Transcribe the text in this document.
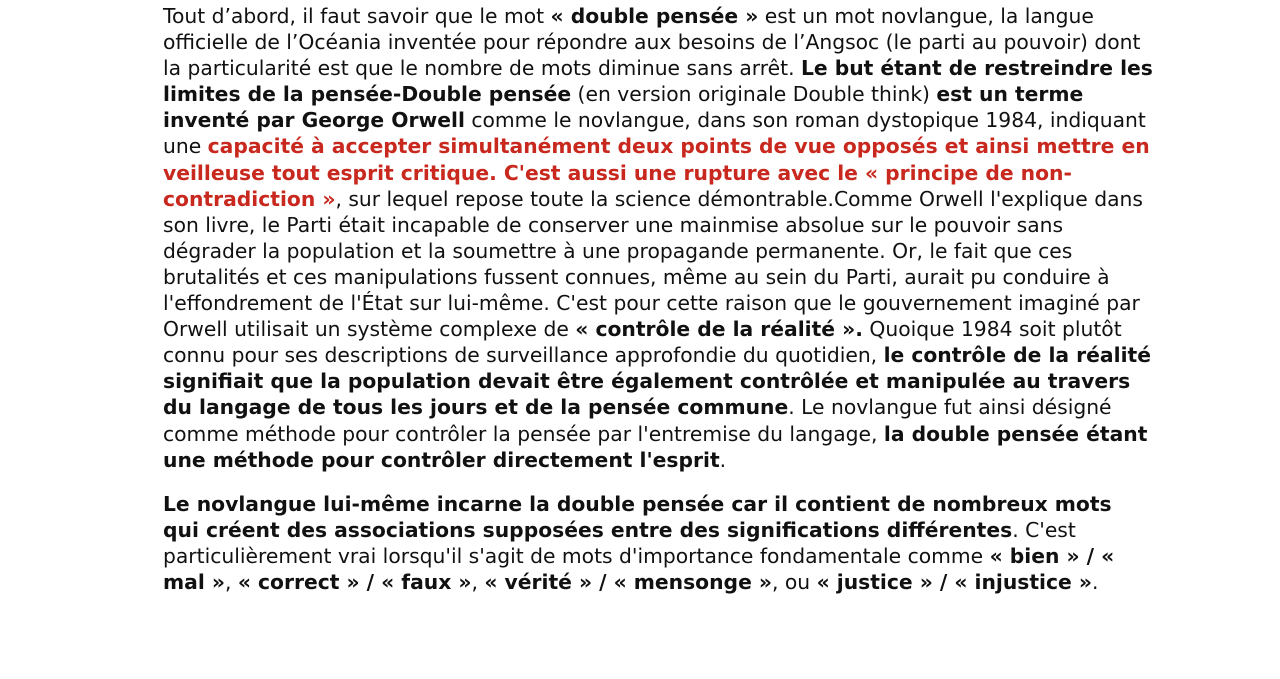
Tout d’abord, il faut savoir que le mot « double pensée » est un mot novlangue, la langue officielle de l’Océania inventée pour répondre aux besoins de l’Angsoc (le parti au pouvoir) dont la particularité est que le nombre de mots diminue sans arrêt. Le but étant de restreindre les limites de la pensée-Double pensée (en version originale Double think) est un terme inventé par George Orwell comme le novlangue, dans son roman dystopique 1984, indiquant une capacité à accepter simultanément deux points de vue opposés et ainsi mettre en veilleuse tout esprit critique. C'est aussi une rupture avec le « principe de non-contradiction », sur lequel repose toute la science démontrable.Comme Orwell l'explique dans son livre, le Parti était incapable de conserver une mainmise absolue sur le pouvoir sans dégrader la population et la soumettre à une propagande permanente. Or, le fait que ces brutalités et ces manipulations fussent connues, même au sein du Parti, aurait pu conduire à l'effondrement de l'État sur lui-même. C'est pour cette raison que le gouvernement imaginé par Orwell utilisait un système complexe de « contrôle de la réalité ». Quoique 1984 soit plutôt connu pour ses descriptions de surveillance approfondie du quotidien, le contrôle de la réalité signifiait que la population devait être également contrôlée et manipulée au travers du langage de tous les jours et de la pensée commune. Le novlangue fut ainsi désigné comme méthode pour contrôler la pensée par l'entremise du langage, la double pensée étant une méthode pour contrôler directement l'esprit.

Le novlangue lui-même incarne la double pensée car il contient de nombreux mots qui créent des associations supposées entre des significations différentes. C'est particulièrement vrai lorsqu'il s'agit de mots d'importance fondamentale comme « bien » / « mal », « correct » / « faux », « vérité » / « mensonge », ou « justice » / « injustice ».
